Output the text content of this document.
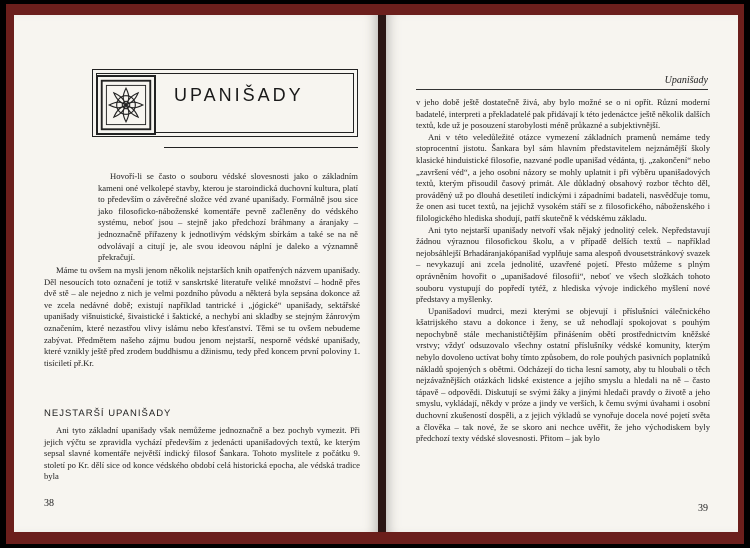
UPANIŠADY

Hovoří-li se často o souboru védské slovesnosti jako o základním kameni oné velkolepé stavby, kterou je staroindická duchovní kultura, platí to především o závěrečné složce véd zvané upanišady. Formálně jsou sice jako filosoficko-náboženské komentáře pevně začleněny do védského systému, neboť jsou – stejně jako předchozí bráhmany a áranjaky – jednoznačně přiřazeny k jednotlivým védským sbírkám a také se na ně odvolávají a citují je, ale svou ideovou náplní je daleko a významně překračují.

Máme tu ovšem na mysli jenom několik nejstarších knih opatřených názvem upanišady. Děl nesoucích toto označení je totiž v sanskrtské literatuře veliké množství – hodně přes dvě stě – ale nejedno z nich je velmi pozdního původu a některá byla sepsána dokonce až ve zcela nedávné době; existují například tantrické i „jógické“ upanišady, sektářské upanišady višnuistické, šivaistické i šaktické, a nechybí ani skladby se stejným žánrovým označením, které nezastřou vlivy islámu nebo křesťanství. Těmi se tu ovšem nebudeme zabývat. Předmětem našeho zájmu budou jenom nejstarší, nesporně védské upanišady, které vznikly ještě před zrodem buddhismu a džinismu, tedy před koncem první poloviny 1. tisíciletí př.Kr.

NEJSTARŠÍ UPANIŠADY

Ani tyto základní upanišady však nemůžeme jednoznačně a bez pochyb vymezit. Při jejich výčtu se zpravidla vychází především z jedenácti upanišadových textů, ke kterým sepsal slavné komentáře největší indický filosof Šankara. Tohoto myslitele z počátku 9. století po Kr. dělí sice od konce védského období celá historická epocha, ale védská tradice byla

38
Upanišady

v jeho době ještě dostatečně živá, aby bylo možné se o ni opřít. Různí moderní badatelé, interpreti a překladatelé pak přidávají k této jedenáctce ještě několik dalších textů, kde už je posouzení starobylosti méně průkazné a subjektivnější.

Ani v této veledůležité otázce vymezení základních pramenů nemáme tedy stoprocentní jistotu. Šankara byl sám hlavním představitelem nejznámější školy klasické hinduistické filosofie, nazvané podle upanišad védánta, tj. „zakončení“ nebo „završení véd“, a jeho osobní názory se mohly uplatnit i při výběru upanišadových textů, kterým přisoudil časový primát. Ale důkladný obsahový rozbor těchto děl, prováděný už po dlouhá desetiletí indickými i západními badateli, nasvědčuje tomu, že onen asi tucet textů, na jejichž vysokém stáří se z filosofického, náboženského i filologického hlediska shodují, patří skutečně k védskému základu.

Ani tyto nejstarší upanišady netvoří však nějaký jednolitý celek. Nepředstavují žádnou výraznou filosofickou školu, a v případě delších textů – například nejobsáhlejší Brhadáranjakópanišad vyplňuje sama alespoň dvousetstránkový svazek – nevykazují ani zcela jednolité, uzavřené pojetí. Přesto můžeme s plným oprávněním hovořit o „upanišadové filosofii“, neboť ve všech složkách tohoto souboru vystupují do popředí tytéž, z hlediska vývoje indického myšlení nové představy a myšlenky.

Upanišadoví mudrci, mezi kterými se objevují i příslušníci válečnického kšatrijského stavu a dokonce i ženy, se už nehodlají spokojovat s pouhým nepochybně stále mechanističtějším přináśením obětí prostřednictvím kněžské vrstvy; vždyť odsuzovalo všechny ostatní příslušníky védské komunity, kterým nebylo dovoleno uctívat bohy tímto způsobem, do role pouhých pasivních poplatníků nákladů spojených s obětmi. Odcházejí do ticha lesní samoty, aby tu hloubali o těch nejzávažnějších otázkách lidské existence a jejího smyslu a hledali na ně – často tápavě – odpovědi. Diskutují se svými žáky a jinými hledači pravdy o životě a jeho smyslu, vykládají, někdy v próze a jindy ve verších, k čemu svými úvahami i osobní duchovní zkušeností dospěli, a z jejich výkladů se vynořuje docela nové pojetí světa a člověka – tak nové, že se skoro ani nechce uvěřit, že jeho východiskem byly předchozí texty védské slovesnosti. Přitom – jak bylo

39
